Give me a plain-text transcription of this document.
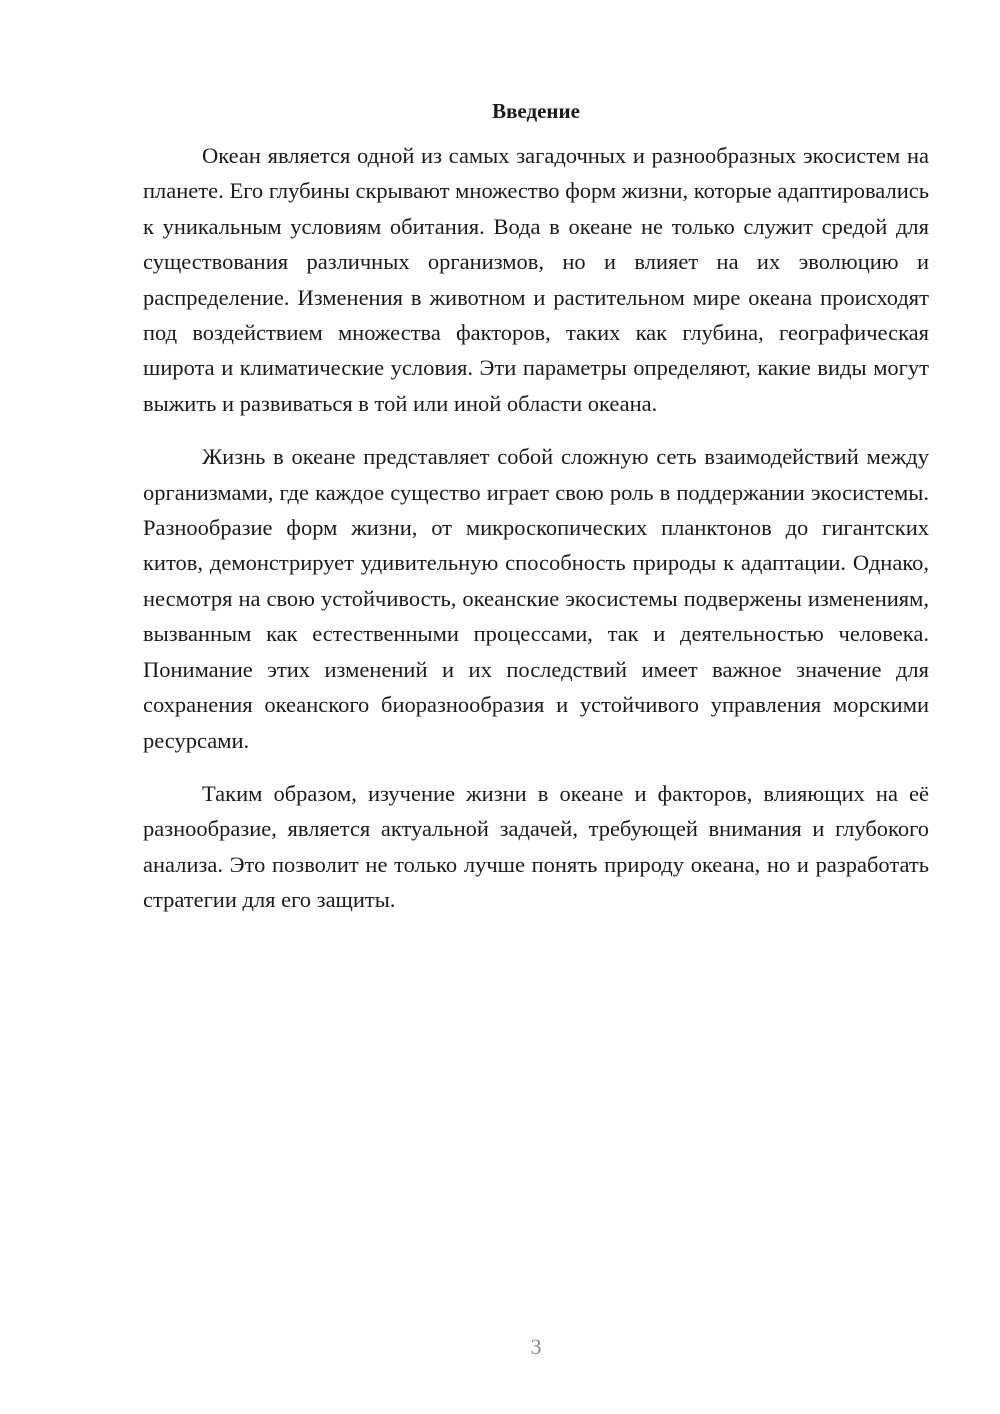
Введение

Океан является одной из самых загадочных и разнообразных экосистем на планете. Его глубины скрывают множество форм жизни, которые адаптировались к уникальным условиям обитания. Вода в океане не только служит средой для существования различных организмов, но и влияет на их эволюцию и распределение. Изменения в животном и растительном мире океана происходят под воздействием множества факторов, таких как глубина, географическая широта и климатические условия. Эти параметры определяют, какие виды могут выжить и развиваться в той или иной области океана.

Жизнь в океане представляет собой сложную сеть взаимодействий между организмами, где каждое существо играет свою роль в поддержании экосистемы. Разнообразие форм жизни, от микроскопических планктонов до гигантских китов, демонстрирует удивительную способность природы к адаптации. Однако, несмотря на свою устойчивость, океанские экосистемы подвержены изменениям, вызванным как естественными процессами, так и деятельностью человека. Понимание этих изменений и их последствий имеет важное значение для сохранения океанского биоразнообразия и устойчивого управления морскими ресурсами.

Таким образом, изучение жизни в океане и факторов, влияющих на её разнообразие, является актуальной задачей, требующей внимания и глубокого анализа. Это позволит не только лучше понять природу океана, но и разработать стратегии для его защиты.

3
